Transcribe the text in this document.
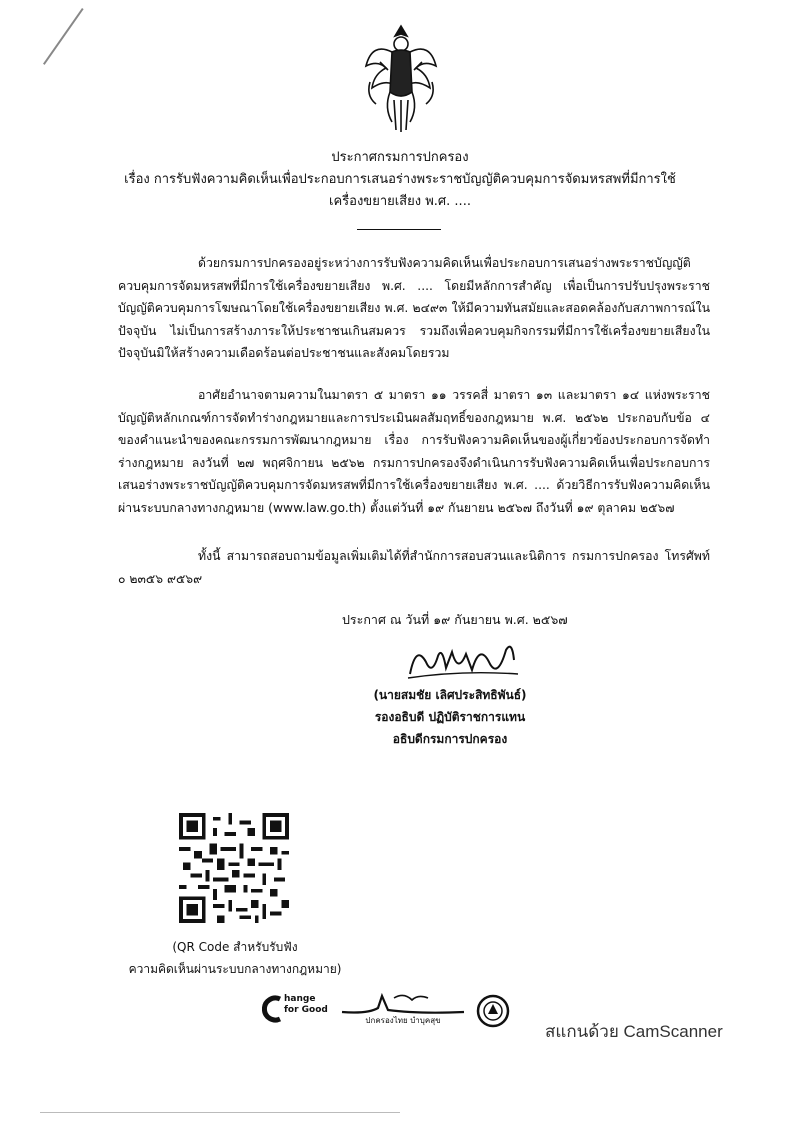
ประกาศกรมการปกครอง
เรื่อง การรับฟังความคิดเห็นเพื่อประกอบการเสนอร่างพระราชบัญญัติควบคุมการจัดมหรสพที่มีการใช้
เครื่องขยายเสียง พ.ศ. ....
ด้วยกรมการปกครองอยู่ระหว่างการรับฟังความคิดเห็นเพื่อประกอบการเสนอร่างพระราชบัญญัติควบคุมการจัดมหรสพที่มีการใช้เครื่องขยายเสียง พ.ศ. .... โดยมีหลักการสำคัญ เพื่อเป็นการปรับปรุงพระราชบัญญัติควบคุมการโฆษณาโดยใช้เครื่องขยายเสียง พ.ศ. ๒๔๙๓ ให้มีความทันสมัยและสอดคล้องกับสภาพการณ์ในปัจจุบัน ไม่เป็นการสร้างภาระให้ประชาชนเกินสมควร รวมถึงเพื่อควบคุมกิจกรรมที่มีการใช้เครื่องขยายเสียงในปัจจุบันมิให้สร้างความเดือดร้อนต่อประชาชนและสังคมโดยรวม
อาศัยอำนาจตามความในมาตรา ๕ มาตรา ๑๑ วรรคสี่ มาตรา ๑๓ และมาตรา ๑๔ แห่งพระราชบัญญัติหลักเกณฑ์การจัดทำร่างกฎหมายและการประเมินผลสัมฤทธิ์ของกฎหมาย พ.ศ. ๒๕๖๒ ประกอบกับข้อ ๔ ของคำแนะนำของคณะกรรมการพัฒนากฎหมาย เรื่อง การรับฟังความคิดเห็นของผู้เกี่ยวข้องประกอบการจัดทำร่างกฎหมาย ลงวันที่ ๒๗ พฤศจิกายน ๒๕๖๒ กรมการปกครองจึงดำเนินการรับฟังความคิดเห็นเพื่อประกอบการเสนอร่างพระราชบัญญัติควบคุมการจัดมหรสพที่มีการใช้เครื่องขยายเสียง พ.ศ. .... ด้วยวิธีการรับฟังความคิดเห็นผ่านระบบกลางทางกฎหมาย (www.law.go.th) ตั้งแต่วันที่ ๑๙ กันยายน ๒๕๖๗ ถึงวันที่ ๑๙ ตุลาคม ๒๕๖๗
ทั้งนี้ สามารถสอบถามข้อมูลเพิ่มเติมได้ที่สำนักการสอบสวนและนิติการ กรมการปกครอง โทรศัพท์ ๐ ๒๓๕๖ ๙๕๖๙
ประกาศ ณ วันที่ ๑๙ กันยายน พ.ศ. ๒๕๖๗
(นายสมชัย เลิศประสิทธิพันธ์)
รองอธิบดี ปฏิบัติราชการแทน
อธิบดีกรมการปกครอง
(QR Code สำหรับรับฟัง
ความคิดเห็นผ่านระบบกลางทางกฎหมาย)
hange
for Good
ปกครองไทย บำบุคสุข
สแกนด้วย CamScanner
